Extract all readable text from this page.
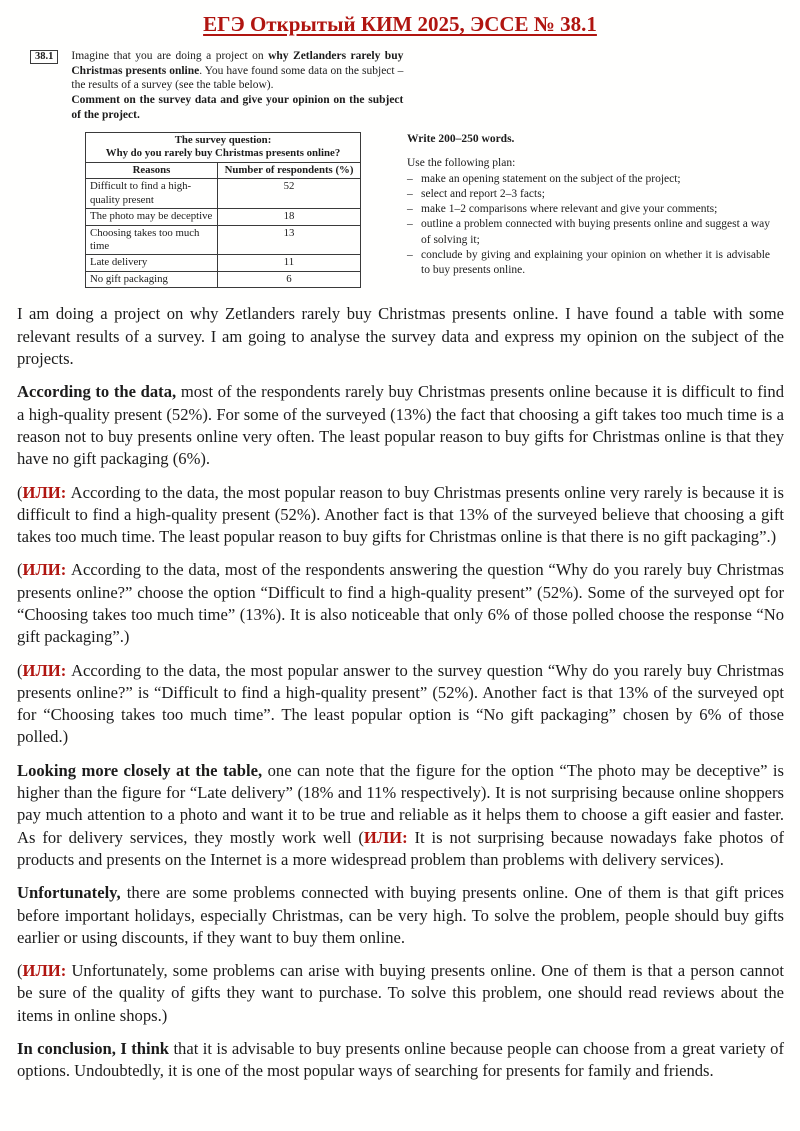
ЕГЭ Открытый КИМ 2025, ЭССЕ № 38.1
38.1	Imagine that you are doing a project on why Zetlanders rarely buy Christmas presents online. You have found some data on the subject – the results of a survey (see the table below).

Comment on the survey data and give your opinion on the subject of the project.

The survey question:
Why do you rarely buy Christmas presents online?	

Reasons	Number of respondents (%)
Difficult to find a high-quality present	52
The photo may be deceptive	18
Choosing takes too much time	13
Late delivery	11
No gift packaging	6
Write 200–250 words.
Use the following plan:
– make an opening statement on the subject of the project;
– select and report 2–3 facts;
– make 1–2 comparisons where relevant and give your comments;
– outline a problem connected with buying presents online and suggest a way of solving it;
– conclude by giving and explaining your opinion on whether it is advisable to buy presents online.

I am doing a project on why Zetlanders rarely buy Christmas presents online. I have found a table with some relevant results of a survey. I am going to analyse the survey data and express my opinion on the subject of the projects.

According to the data, most of the respondents rarely buy Christmas presents online because it is difficult to find a high-quality present (52%). For some of the surveyed (13%) the fact that choosing a gift takes too much time is a reason not to buy presents online very often. The least popular reason to buy gifts for Christmas online is that they have no gift packaging (6%).

(ИЛИ: According to the data, the most popular reason to buy Christmas presents online very rarely is because it is difficult to find a high-quality present (52%). Another fact is that 13% of the surveyed believe that choosing a gift takes too much time. The least popular reason to buy gifts for Christmas online is that there is no gift packaging”.)

(ИЛИ: According to the data, most of the respondents answering the question “Why do you rarely buy Christmas presents online?” choose the option “Difficult to find a high-quality present” (52%). Some of the surveyed opt for “Choosing takes too much time” (13%). It is also noticeable that only 6% of those polled choose the response “No gift packaging”.)

(ИЛИ: According to the data, the most popular answer to the survey question “Why do you rarely buy Christmas presents online?” is “Difficult to find a high-quality present” (52%). Another fact is that 13% of the surveyed opt for “Choosing takes too much time”. The least popular option is “No gift packaging” chosen by 6% of those polled.)

Looking more closely at the table, one can note that the figure for the option “The photo may be deceptive” is higher than the figure for “Late delivery” (18% and 11% respectively). It is not surprising because online shoppers pay much attention to a photo and want it to be true and reliable as it helps them to choose a gift easier and faster. As for delivery services, they mostly work well (ИЛИ: It is not surprising because nowadays fake photos of products and presents on the Internet is a more widespread problem than problems with delivery services).

Unfortunately, there are some problems connected with buying presents online. One of them is that gift prices before important holidays, especially Christmas, can be very high. To solve the problem, people should buy gifts earlier or using discounts, if they want to buy them online.

(ИЛИ: Unfortunately, some problems can arise with buying presents online. One of them is that a person cannot be sure of the quality of gifts they want to purchase. To solve this problem, one should read reviews about the items in online shops.)

In conclusion, I think that it is advisable to buy presents online because people can choose from a great variety of options. Undoubtedly, it is one of the most popular ways of searching for presents for family and friends.
